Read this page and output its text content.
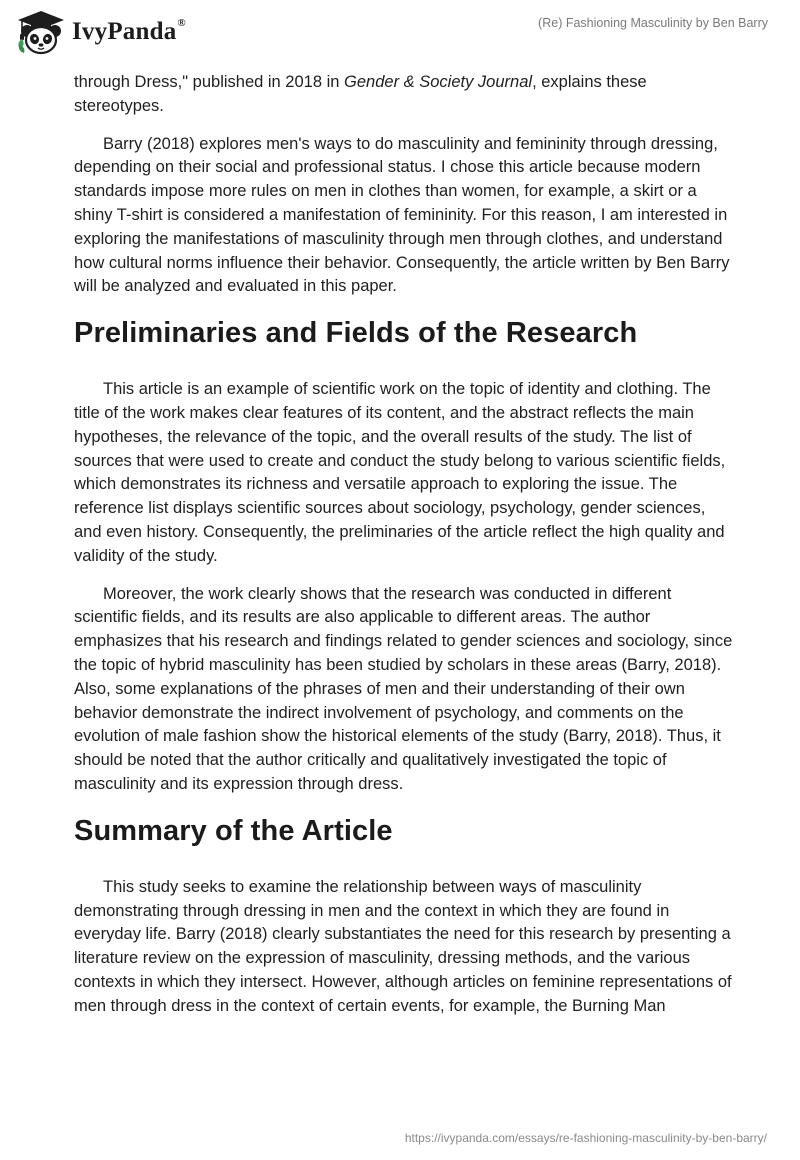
IvyPanda®	(Re) Fashioning Masculinity by Ben Barry

through Dress," published in 2018 in Gender & Society Journal, explains these stereotypes.

Barry (2018) explores men's ways to do masculinity and femininity through dressing, depending on their social and professional status. I chose this article because modern standards impose more rules on men in clothes than women, for example, a skirt or a shiny T-shirt is considered a manifestation of femininity. For this reason, I am interested in exploring the manifestations of masculinity through men through clothes, and understand how cultural norms influence their behavior. Consequently, the article written by Ben Barry will be analyzed and evaluated in this paper.

Preliminaries and Fields of the Research

This article is an example of scientific work on the topic of identity and clothing. The title of the work makes clear features of its content, and the abstract reflects the main hypotheses, the relevance of the topic, and the overall results of the study. The list of sources that were used to create and conduct the study belong to various scientific fields, which demonstrates its richness and versatile approach to exploring the issue. The reference list displays scientific sources about sociology, psychology, gender sciences, and even history. Consequently, the preliminaries of the article reflect the high quality and validity of the study.

Moreover, the work clearly shows that the research was conducted in different scientific fields, and its results are also applicable to different areas. The author emphasizes that his research and findings related to gender sciences and sociology, since the topic of hybrid masculinity has been studied by scholars in these areas (Barry, 2018). Also, some explanations of the phrases of men and their understanding of their own behavior demonstrate the indirect involvement of psychology, and comments on the evolution of male fashion show the historical elements of the study (Barry, 2018). Thus, it should be noted that the author critically and qualitatively investigated the topic of masculinity and its expression through dress.

Summary of the Article

This study seeks to examine the relationship between ways of masculinity demonstrating through dressing in men and the context in which they are found in everyday life. Barry (2018) clearly substantiates the need for this research by presenting a literature review on the expression of masculinity, dressing methods, and the various contexts in which they intersect. However, although articles on feminine representations of men through dress in the context of certain events, for example, the Burning Man

https://ivypanda.com/essays/re-fashioning-masculinity-by-ben-barry/
